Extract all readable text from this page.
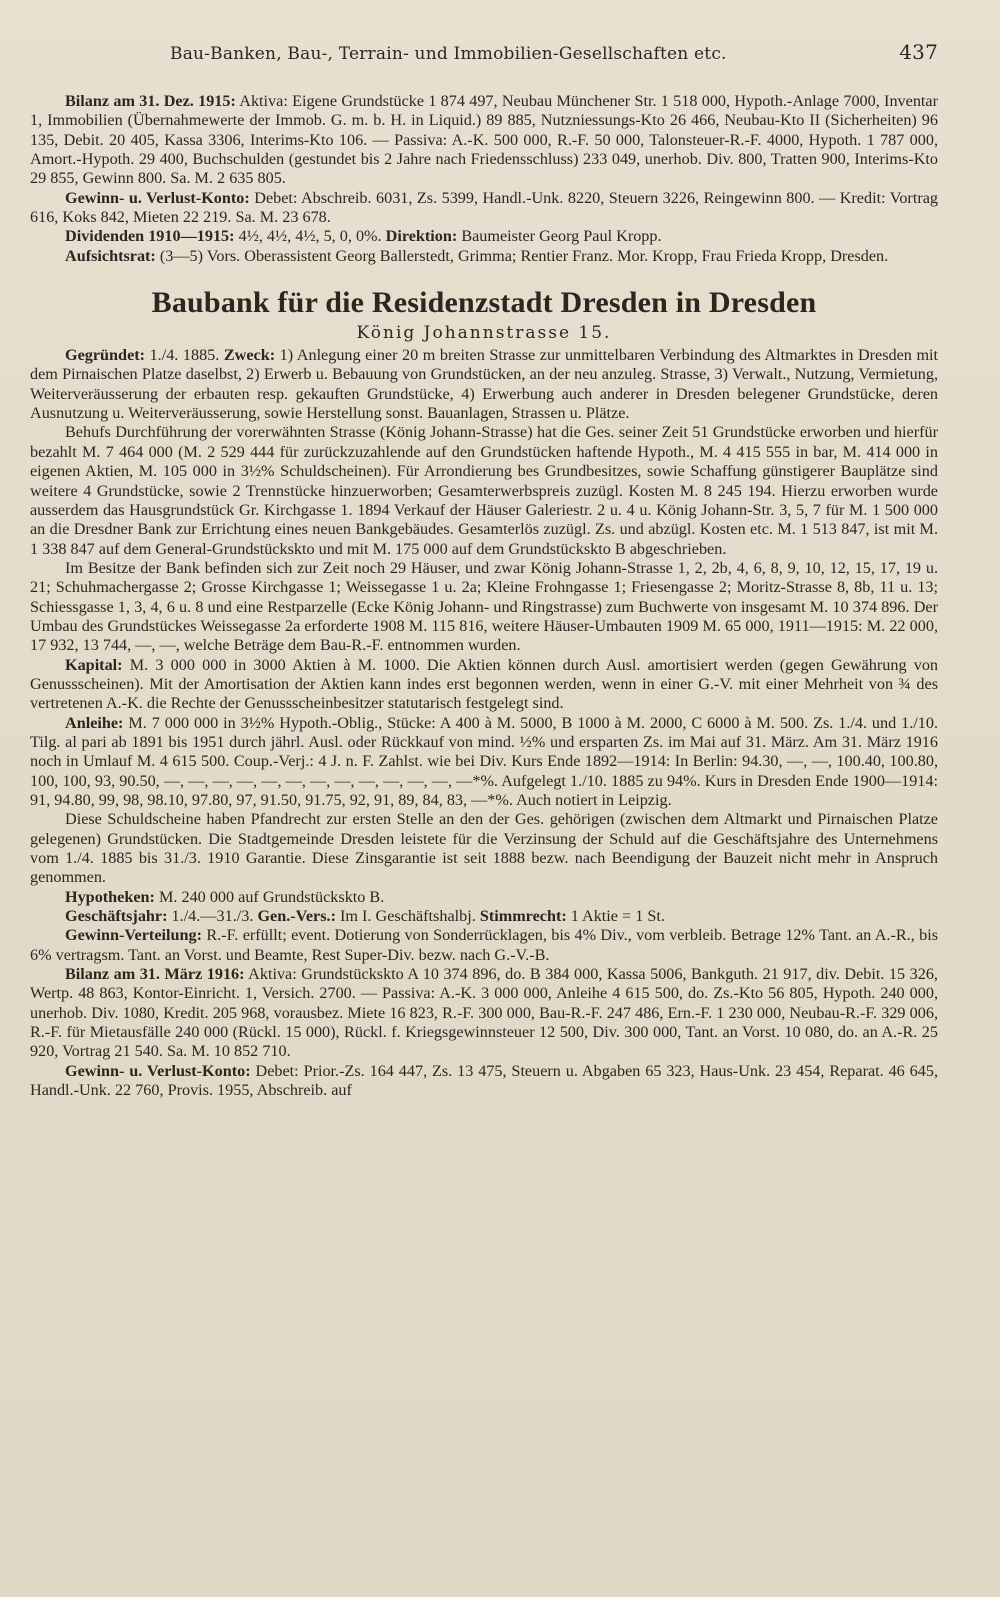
Bau-Banken, Bau-, Terrain- und Immobilien-Gesellschaften etc.	437

Bilanz am 31. Dez. 1915: Aktiva: Eigene Grundstücke 1 874 497, Neubau Münchener Str. 1 518 000, Hypoth.-Anlage 7000, Inventar 1, Immobilien (Übernahmewerte der Immob. G. m. b. H. in Liquid.) 89 885, Nutzniessungs-Kto 26 466, Neubau-Kto II (Sicherheiten) 96 135, Debit. 20 405, Kassa 3306, Interims-Kto 106. — Passiva: A.-K. 500 000, R.-F. 50 000, Talonsteuer-R.-F. 4000, Hypoth. 1 787 000, Amort.-Hypoth. 29 400, Buchschulden (gestundet bis 2 Jahre nach Friedensschluss) 233 049, unerhob. Div. 800, Tratten 900, Interims-Kto 29 855, Gewinn 800. Sa. M. 2 635 805.

Gewinn- u. Verlust-Konto: Debet: Abschreib. 6031, Zs. 5399, Handl.-Unk. 8220, Steuern 3226, Reingewinn 800. — Kredit: Vortrag 616, Koks 842, Mieten 22 219. Sa. M. 23 678.

Dividenden 1910—1915: 4½, 4½, 4½, 5, 0, 0%. Direktion: Baumeister Georg Paul Kropp.

Aufsichtsrat: (3—5) Vors. Oberassistent Georg Ballerstedt, Grimma; Rentier Franz. Mor. Kropp, Frau Frieda Kropp, Dresden.

Baubank für die Residenzstadt Dresden in Dresden
König Johannstrasse 15.

Gegründet: 1./4. 1885. Zweck: 1) Anlegung einer 20 m breiten Strasse zur unmittelbaren Verbindung des Altmarktes in Dresden mit dem Pirnaischen Platze daselbst, 2) Erwerb u. Bebauung von Grundstücken, an der neu anzuleg. Strasse, 3) Verwalt., Nutzung, Vermietung, Weiterveräusserung der erbauten resp. gekauften Grundstücke, 4) Erwerbung auch anderer in Dresden belegener Grundstücke, deren Ausnutzung u. Weiterveräusserung, sowie Herstellung sonst. Bauanlagen, Strassen u. Plätze.

Behufs Durchführung der vorerwähnten Strasse (König Johann-Strasse) hat die Ges. seiner Zeit 51 Grundstücke erworben und hierfür bezahlt M. 7 464 000 (M. 2 529 444 für zurückzuzahlende auf den Grundstücken haftende Hypoth., M. 4 415 555 in bar, M. 414 000 in eigenen Aktien, M. 105 000 in 3½% Schuldscheinen). Für Arrondierung bes Grundbesitzes, sowie Schaffung günstigerer Bauplätze sind weitere 4 Grundstücke, sowie 2 Trennstücke hinzuerworben; Gesamterwerbspreis zuzügl. Kosten M. 8 245 194. Hierzu erworben wurde ausserdem das Hausgrundstück Gr. Kirchgasse 1. 1894 Verkauf der Häuser Galeriestr. 2 u. 4 u. König Johann-Str. 3, 5, 7 für M. 1 500 000 an die Dresdner Bank zur Errichtung eines neuen Bankgebäudes. Gesamterlös zuzügl. Zs. und abzügl. Kosten etc. M. 1 513 847, ist mit M. 1 338 847 auf dem General-Grundstückskto und mit M. 175 000 auf dem Grundstückskto B abgeschrieben.

Im Besitze der Bank befinden sich zur Zeit noch 29 Häuser, und zwar König Johann-Strasse 1, 2, 2b, 4, 6, 8, 9, 10, 12, 15, 17, 19 u. 21; Schuhmachergasse 2; Grosse Kirchgasse 1; Weissegasse 1 u. 2a; Kleine Frohngasse 1; Friesengasse 2; Moritz-Strasse 8, 8b, 11 u. 13; Schiessgasse 1, 3, 4, 6 u. 8 und eine Restparzelle (Ecke König Johann- und Ringstrasse) zum Buchwerte von insgesamt M. 10 374 896. Der Umbau des Grundstückes Weissegasse 2a erforderte 1908 M. 115 816, weitere Häuser-Umbauten 1909 M. 65 000, 1911—1915: M. 22 000, 17 932, 13 744, —, —, welche Beträge dem Bau-R.-F. entnommen wurden.

Kapital: M. 3 000 000 in 3000 Aktien à M. 1000. Die Aktien können durch Ausl. amortisiert werden (gegen Gewährung von Genussscheinen). Mit der Amortisation der Aktien kann indes erst begonnen werden, wenn in einer G.-V. mit einer Mehrheit von ¾ des vertretenen A.-K. die Rechte der Genussscheinbesitzer statutarisch festgelegt sind.

Anleihe: M. 7 000 000 in 3½% Hypoth.-Oblig., Stücke: A 400 à M. 5000, B 1000 à M. 2000, C 6000 à M. 500. Zs. 1./4. und 1./10. Tilg. al pari ab 1891 bis 1951 durch jährl. Ausl. oder Rückkauf von mind. ½% und ersparten Zs. im Mai auf 31. März. Am 31. März 1916 noch in Umlauf M. 4 615 500. Coup.-Verj.: 4 J. n. F. Zahlst. wie bei Div. Kurs Ende 1892—1914: In Berlin: 94.30, —, —, 100.40, 100.80, 100, 100, 93, 90.50, —, —, —, —, —, —, —, —, —, —, —, —, —*%. Aufgelegt 1./10. 1885 zu 94%. Kurs in Dresden Ende 1900—1914: 91, 94.80, 99, 98, 98.10, 97.80, 97, 91.50, 91.75, 92, 91, 89, 84, 83, —*%. Auch notiert in Leipzig.

Diese Schuldscheine haben Pfandrecht zur ersten Stelle an den der Ges. gehörigen (zwischen dem Altmarkt und Pirnaischen Platze gelegenen) Grundstücken. Die Stadtgemeinde Dresden leistete für die Verzinsung der Schuld auf die Geschäftsjahre des Unternehmens vom 1./4. 1885 bis 31./3. 1910 Garantie. Diese Zinsgarantie ist seit 1888 bezw. nach Beendigung der Bauzeit nicht mehr in Anspruch genommen.

Hypotheken: M. 240 000 auf Grundstückskto B.

Geschäftsjahr: 1./4.—31./3. Gen.-Vers.: Im I. Geschäftshalbj. Stimmrecht: 1 Aktie = 1 St.

Gewinn-Verteilung: R.-F. erfüllt; event. Dotierung von Sonderrücklagen, bis 4% Div., vom verbleib. Betrage 12% Tant. an A.-R., bis 6% vertragsm. Tant. an Vorst. und Beamte, Rest Super-Div. bezw. nach G.-V.-B.

Bilanz am 31. März 1916: Aktiva: Grundstückskto A 10 374 896, do. B 384 000, Kassa 5006, Bankguth. 21 917, div. Debit. 15 326, Wertp. 48 863, Kontor-Einricht. 1, Versich. 2700. — Passiva: A.-K. 3 000 000, Anleihe 4 615 500, do. Zs.-Kto 56 805, Hypoth. 240 000, unerhob. Div. 1080, Kredit. 205 968, vorausbez. Miete 16 823, R.-F. 300 000, Bau-R.-F. 247 486, Ern.-F. 1 230 000, Neubau-R.-F. 329 006, R.-F. für Mietausfälle 240 000 (Rückl. 15 000), Rückl. f. Kriegsgewinnsteuer 12 500, Div. 300 000, Tant. an Vorst. 10 080, do. an A.-R. 25 920, Vortrag 21 540. Sa. M. 10 852 710.

Gewinn- u. Verlust-Konto: Debet: Prior.-Zs. 164 447, Zs. 13 475, Steuern u. Abgaben 65 323, Haus-Unk. 23 454, Reparat. 46 645, Handl.-Unk. 22 760, Provis. 1955, Abschreib. auf
